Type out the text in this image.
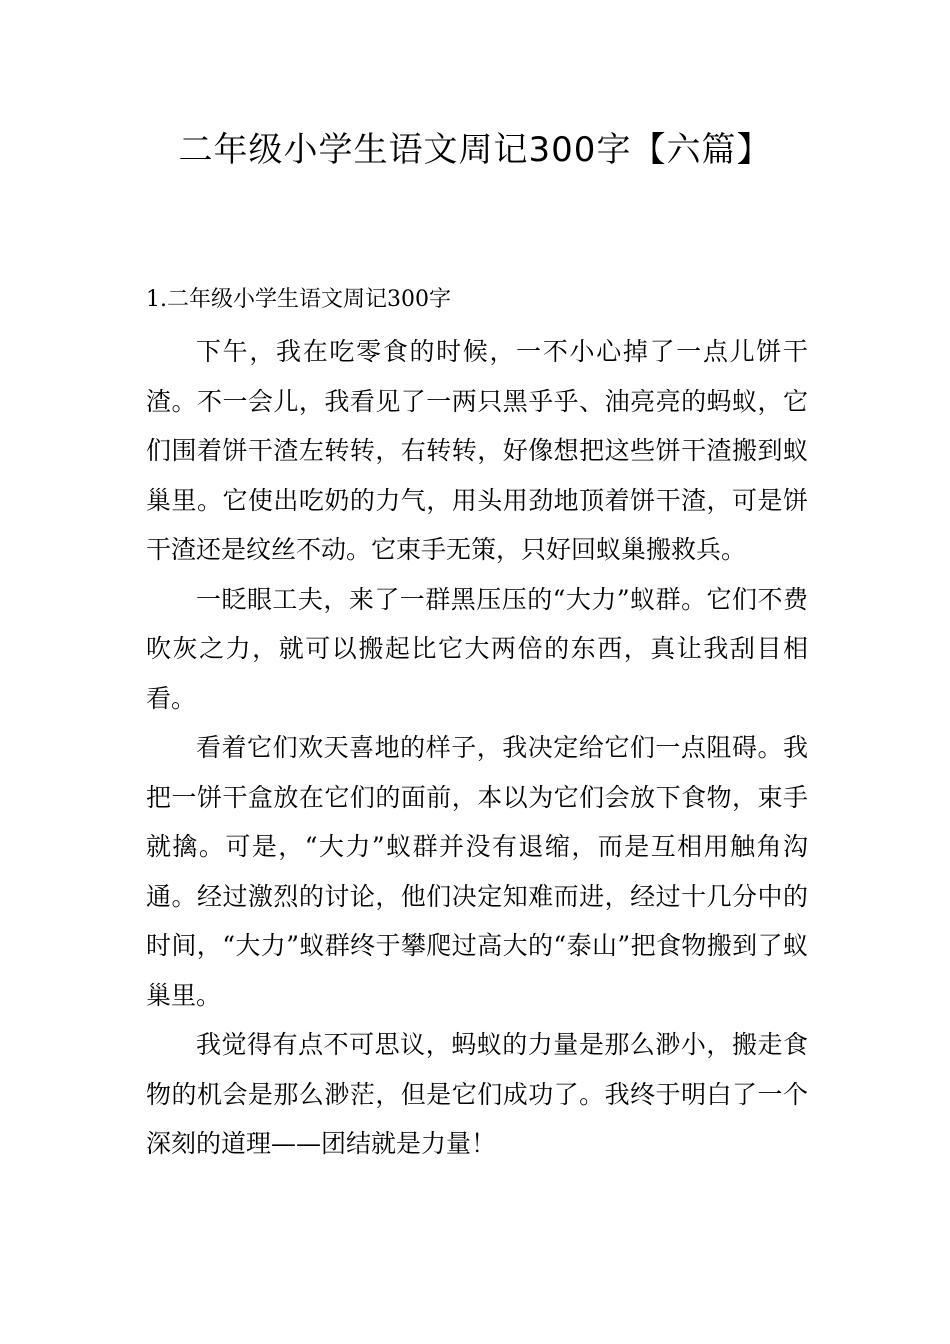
二年级小学生语文周记300字【六篇】

1.二年级小学生语文周记300字

下午，我在吃零食的时候，一不小心掉了一点儿饼干渣。不一会儿，我看见了一两只黑乎乎、油亮亮的蚂蚁，它们围着饼干渣左转转，右转转，好像想把这些饼干渣搬到蚁巢里。它使出吃奶的力气，用头用劲地顶着饼干渣，可是饼干渣还是纹丝不动。它束手无策，只好回蚁巢搬救兵。

一眨眼工夫，来了一群黑压压的“大力”蚁群。它们不费吹灰之力，就可以搬起比它大两倍的东西，真让我刮目相看。

看着它们欢天喜地的样子，我决定给它们一点阻碍。我把一饼干盒放在它们的面前，本以为它们会放下食物，束手就擒。可是，“大力”蚁群并没有退缩，而是互相用触角沟通。经过激烈的讨论，他们决定知难而进，经过十几分中的时间，“大力”蚁群终于攀爬过高大的“泰山”把食物搬到了蚁巢里。

我觉得有点不可思议，蚂蚁的力量是那么渺小，搬走食物的机会是那么渺茫，但是它们成功了。我终于明白了一个深刻的道理——团结就是力量！
